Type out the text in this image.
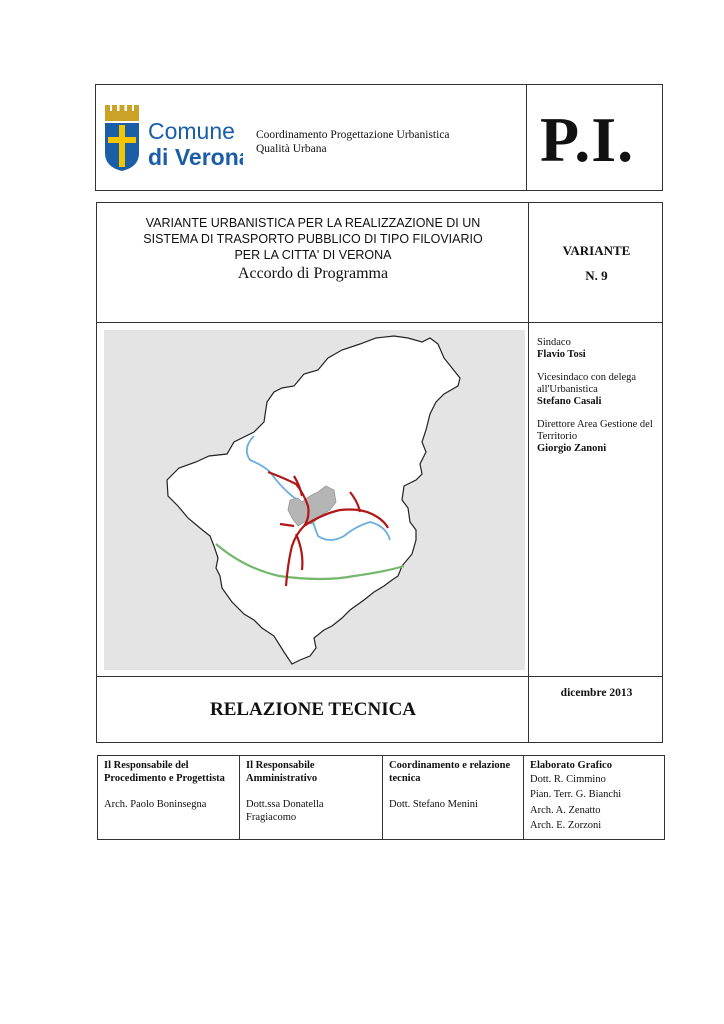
Comune
di Verona
Coordinamento Progettazione Urbanistica
Qualità Urbana	P.I.
VARIANTE URBANISTICA PER LA REALIZZAZIONE DI UN
SISTEMA DI TRASPORTO PUBBLICO DI TIPO FILOVIARIO
PER LA CITTA' DI VERONA
Accordo di Programma
VARIANTE
N. 9
Sindaco
Flavio Tosi
Vicesindaco con delega all'Urbanistica
Stefano Casali
Direttore Area Gestione del Territorio
Giorgio Zanoni
dicembre 2013
RELAZIONE TECNICA
Il Responsabile del Procedimento e Progettista
Arch. Paolo Boninsegna
Il Responsabile Amministrativo
Dott.ssa Donatella Fragiacomo
Coordinamento e relazione tecnica
Dott. Stefano Menini
Elaborato Grafico
Dott. R. Cimmino
Pian. Terr. G. Bianchi
Arch. A. Zenatto
Arch. E. Zorzoni
